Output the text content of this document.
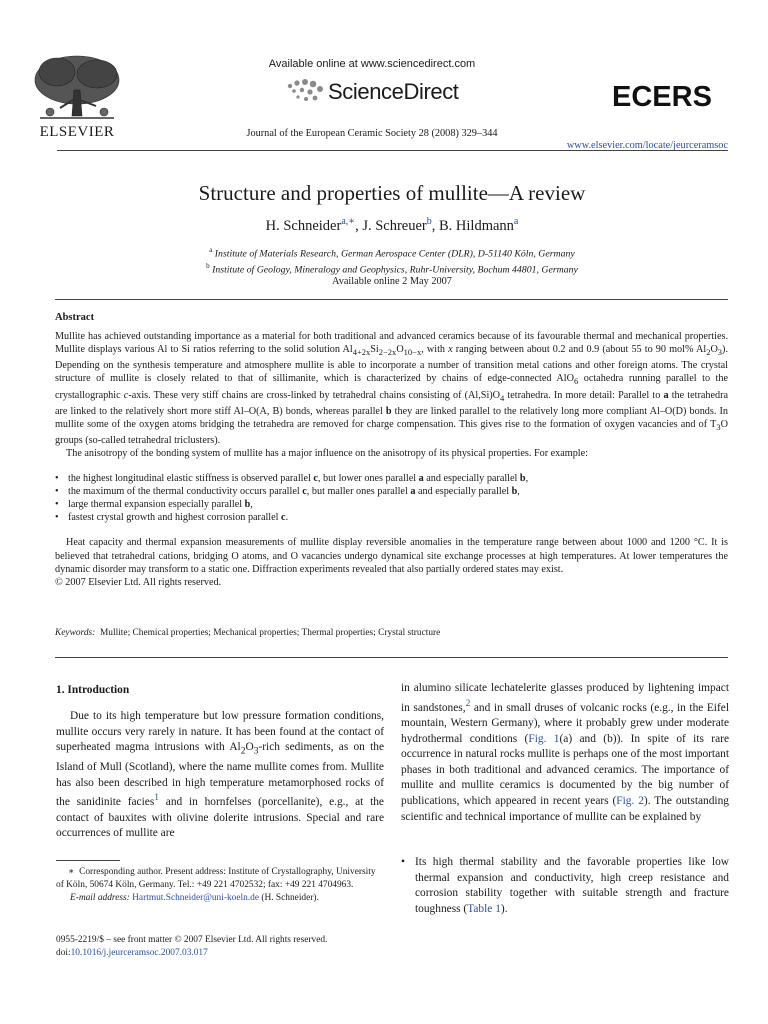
ELSEVIER
Available online at www.sciencedirect.com
ScienceDirect
Journal of the European Ceramic Society 28 (2008) 329–344
ECERS
www.elsevier.com/locate/jeurceramsoc
Structure and properties of mullite—A review
H. Schneider$^{a,∗}$, J. Schreuer$^b$, B. Hildmann$^a$
$^a$ Institute of Materials Research, German Aerospace Center (DLR), D-51140 Köln, Germany
$^b$ Institute of Geology, Mineralogy and Geophysics, Ruhr-University, Bochum 44801, Germany
Available online 2 May 2007
Abstract

Mullite has achieved outstanding importance as a material for both traditional and advanced ceramics because of its favourable thermal and mechanical properties. Mullite displays various Al to Si ratios referring to the solid solution $Al_{4+2x}Si_{2-2x}O_{10-x}$, with x ranging between about 0.2 and 0.9 (about 55 to 90 mol% $Al_2O_3$). Depending on the synthesis temperature and atmosphere mullite is able to incorporate a number of transition metal cations and other foreign atoms. The crystal structure of mullite is closely related to that of sillimanite, which is characterized by chains of edge-connected AlO$_6$ octahedra running parallel to the crystallographic c-axis. These very stiff chains are cross-linked by tetrahedral chains consisting of $(Al,Si)O_4$ tetrahedra. In more detail: Parallel to a the tetrahedra are linked to the relatively short more stiff Al–O(A, B) bonds, whereas parallel b they are linked parallel to the relatively long more compliant Al–O(D) bonds. In mullite some of the oxygen atoms bridging the tetrahedra are removed for charge compensation. This gives rise to the formation of oxygen vacancies and of $T_3O$ groups (so-called tetrahedral triclusters).

The anisotropy of the bonding system of mullite has a major influence on the anisotropy of its physical properties. For example:

• the highest longitudinal elastic stiffness is observed parallel c, but lower ones parallel a and especially parallel b,
• the maximum of the thermal conductivity occurs parallel c, but maller ones parallel a and especially parallel b,
• large thermal expansion especially parallel b,
• fastest crystal growth and highest corrosion parallel c.

Heat capacity and thermal expansion measurements of mullite display reversible anomalies in the temperature range between about 1000 and 1200 °C. It is believed that tetrahedral cations, bridging O atoms, and O vacancies undergo dynamical site exchange processes at high temperatures. At lower temperatures the dynamic disorder may transform to a static one. Diffraction experiments revealed that also partially ordered states may exist.

© 2007 Elsevier Ltd. All rights reserved.

Keywords: Mullite; Chemical properties; Mechanical properties; Thermal properties; Crystal structure
1. Introduction

Due to its high temperature but low pressure formation conditions, mullite occurs very rarely in nature. It has been found at the contact of superheated magma intrusions with $Al_2O_3$-rich sediments, as on the Island of Mull (Scotland), where the name mullite comes from. Mullite has also been described in high temperature metamorphosed rocks of the sanidinite facies$^1$ and in hornfelses (porcellanite), e.g., at the contact of bauxites with olivine dolerite intrusions. Special and rare occurrences of mullite are

in alumino silicate lechatelerite glasses produced by lightening impact in sandstones,$^2$ and in small druses of volcanic rocks (e.g., in the Eifel mountain, Western Germany), where it probably grew under moderate hydrothermal conditions (Fig. 1(a) and (b)). In spite of its rare occurrence in natural rocks mullite is perhaps one of the most important phases in both traditional and advanced ceramics. The importance of mullite and mullite ceramics is documented by the big number of publications, which appeared in recent years (Fig. 2). The outstanding scientific and technical importance of mullite can be explained by

• Its high thermal stability and the favorable properties like low thermal expansion and conductivity, high creep resistance and corrosion stability together with suitable strength and fracture toughness (Table 1).
∗ Corresponding author. Present address: Institute of Crystallography, University of Köln, 50674 Köln, Germany. Tel.: +49 221 4702532; fax: +49 221 4704963.
E-mail address: Hartmut.Schneider@uni-koeln.de (H. Schneider).
0955-2219/$ – see front matter © 2007 Elsevier Ltd. All rights reserved.
doi:10.1016/j.jeurceramsoc.2007.03.017
